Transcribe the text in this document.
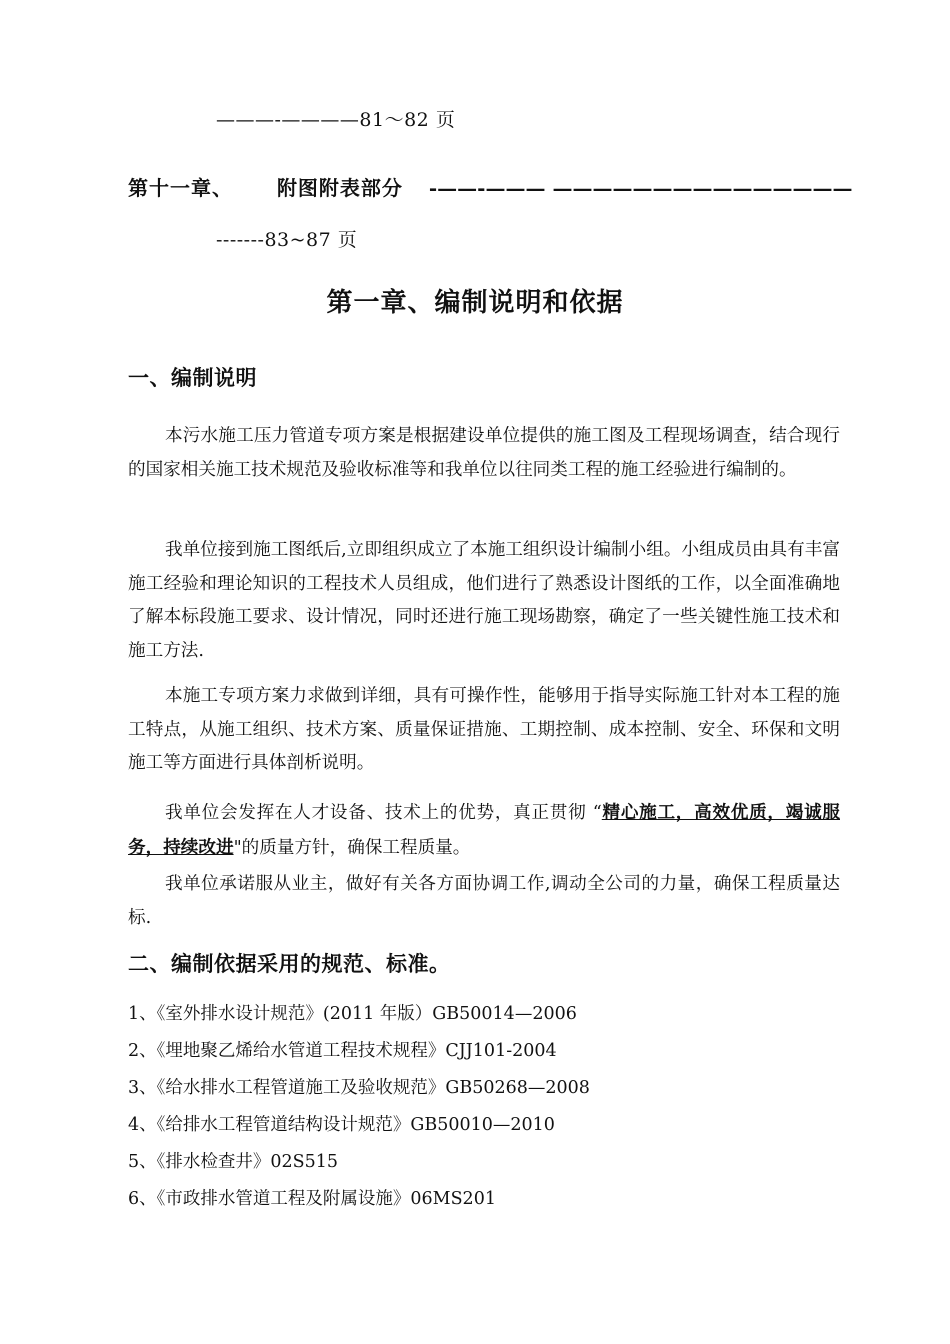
———-————81～82 页
第十一章、 附图附表部分 -——-——— ———————————————
-------83~87 页
第一章、编制说明和依据
一、编制说明
本污水施工压力管道专项方案是根据建设单位提供的施工图及工程现场调查，结合现行的国家相关施工技术规范及验收标准等和我单位以往同类工程的施工经验进行编制的。
我单位接到施工图纸后,立即组织成立了本施工组织设计编制小组。小组成员由具有丰富施工经验和理论知识的工程技术人员组成，他们进行了熟悉设计图纸的工作，以全面准确地了解本标段施工要求、设计情况，同时还进行施工现场勘察，确定了一些关键性施工技术和施工方法.
本施工专项方案力求做到详细，具有可操作性，能够用于指导实际施工针对本工程的施工特点，从施工组织、技术方案、质量保证措施、工期控制、成本控制、安全、环保和文明施工等方面进行具体剖析说明。
我单位会发挥在人才设备、技术上的优势，真正贯彻 “精心施工，高效优质，竭诚服务，持续改进"的质量方针，确保工程质量。
我单位承诺服从业主，做好有关各方面协调工作,调动全公司的力量，确保工程质量达标.
二、编制依据采用的规范、标准。
1、《室外排水设计规范》(2011 年版）GB50014—2006
2、《埋地聚乙烯给水管道工程技术规程》CJJ101-2004
3、《给水排水工程管道施工及验收规范》GB50268—2008
4、《给排水工程管道结构设计规范》GB50010—2010
5、《排水检查井》02S515
6、《市政排水管道工程及附属设施》06MS201
